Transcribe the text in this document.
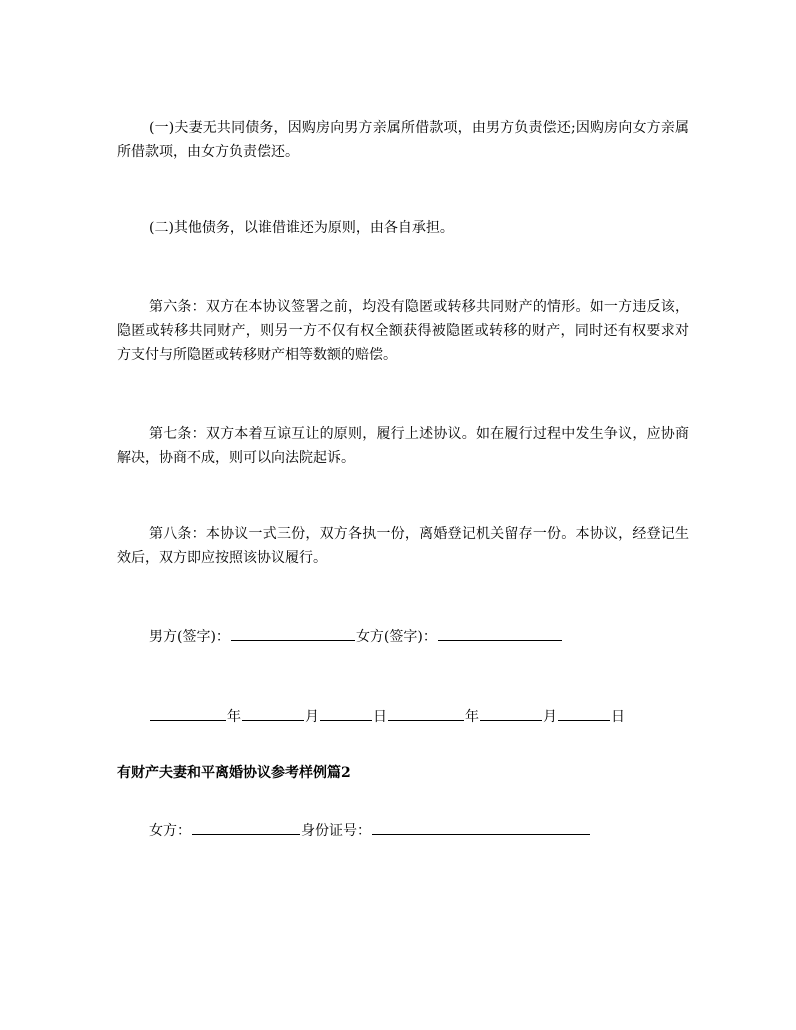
(一)夫妻无共同债务，因购房向男方亲属所借款项，由男方负责偿还;因购房向女方亲属所借款项，由女方负责偿还。

(二)其他债务，以谁借谁还为原则，由各自承担。

第六条：双方在本协议签署之前，均没有隐匿或转移共同财产的情形。如一方违反该，隐匿或转移共同财产，则另一方不仅有权全额获得被隐匿或转移的财产，同时还有权要求对方支付与所隐匿或转移财产相等数额的赔偿。

第七条：双方本着互谅互让的原则，履行上述协议。如在履行过程中发生争议，应协商解决，协商不成，则可以向法院起诉。

第八条：本协议一式三份，双方各执一份，离婚登记机关留存一份。本协议，经登记生效后，双方即应按照该协议履行。

男方(签字)：	女方(签字)：

年	月	日	年	月	日

有财产夫妻和平离婚协议参考样例篇2

女方：	身份证号：
